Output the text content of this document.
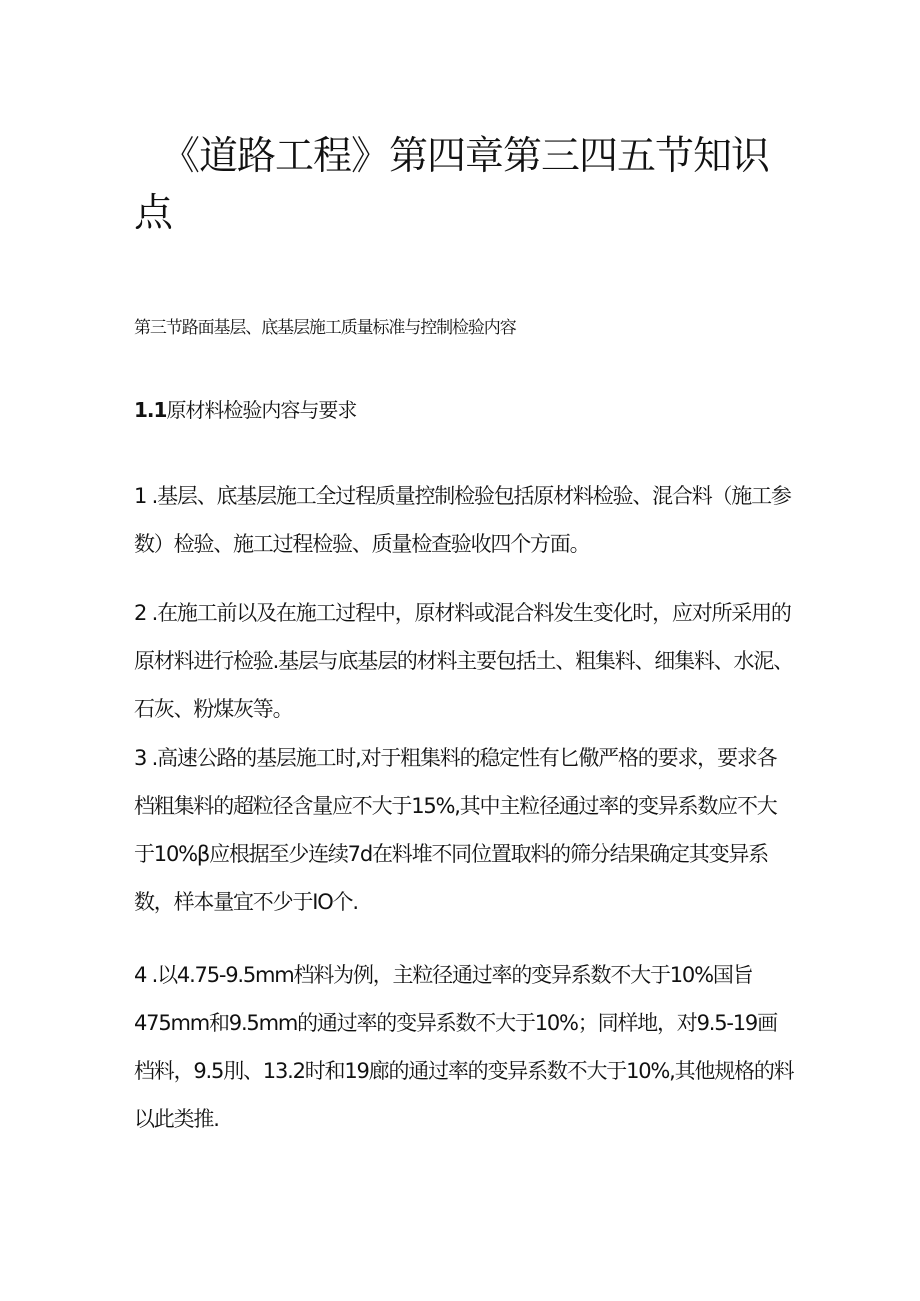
《道路工程》第四章第三四五节知识点

第三节路面基层、底基层施工质量标准与控制检验内容

1.1原材料检验内容与要求

1 .基层、底基层施工全过程质量控制检验包括原材料检验、混合料（施工参数）检验、施工过程检验、质量检查验收四个方面。

2 .在施工前以及在施工过程中，原材料或混合料发生变化时，应对所采用的原材料进行检验.基层与底基层的材料主要包括土、粗集料、细集料、水泥、石灰、粉煤灰等。

3 .高速公路的基层施工时,对于粗集料的稳定性有匕儆严格的要求，要求各档粗集料的超粒径含量应不大于15%,其中主粒径通过率的变异系数应不大于10%β应根据至少连续7d在料堆不同位置取料的筛分结果确定其变异系数，样本量宜不少于IO个.

4 .以4.75-9.5mm档料为例，主粒径通过率的变异系数不大于10%国旨475mm和9.5mm的通过率的变异系数不大于10%；同样地，对9.5-19画档料，9.5刖、13.2时和19廊的通过率的变异系数不大于10%,其他规格的料以此类推.
